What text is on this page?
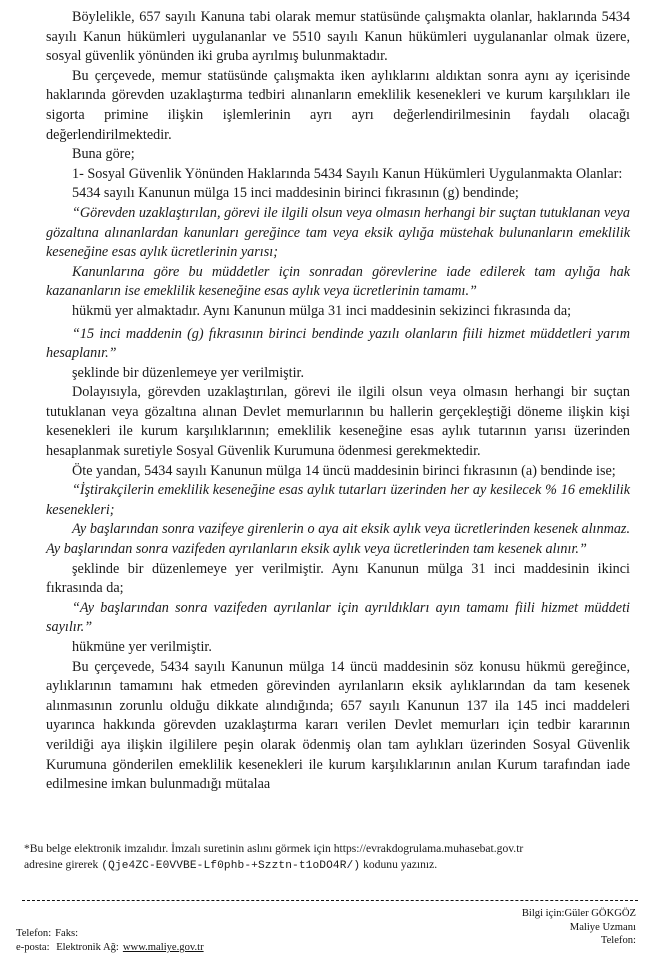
Böylelikle, 657 sayılı Kanuna tabi olarak memur statüsünde çalışmakta olanlar, haklarında 5434 sayılı Kanun hükümleri uygulananlar ve 5510 sayılı Kanun hükümleri uygulananlar olmak üzere, sosyal güvenlik yönünden iki gruba ayrılmış bulunmaktadır.

Bu çerçevede, memur statüsünde çalışmakta iken aylıklarını aldıktan sonra aynı ay içerisinde haklarında görevden uzaklaştırma tedbiri alınanların emeklilik kesenekleri ve kurum karşılıkları ile sigorta primine ilişkin işlemlerinin ayrı ayrı değerlendirilmesinin faydalı olacağı değerlendirilmektedir.

Buna göre;

1- Sosyal Güvenlik Yönünden Haklarında 5434 Sayılı Kanun Hükümleri Uygulanmakta Olanlar:

5434 sayılı Kanunun mülga 15 inci maddesinin birinci fıkrasının (g) bendinde;

“Görevden uzaklaştırılan, görevi ile ilgili olsun veya olmasın herhangi bir suçtan tutuklanan veya gözaltına alınanlardan kanunları gereğince tam veya eksik aylığa müstehak bulunanların emeklilik keseneğine esas aylık ücretlerinin yarısı;

Kanunlarına göre bu müddetler için sonradan görevlerine iade edilerek tam aylığa hak kazananların ise emeklilik keseneğine esas aylık veya ücretlerinin tamamı.”

hükmü yer almaktadır. Aynı Kanunun mülga 31 inci maddesinin sekizinci fıkrasında da;

“15 inci maddenin (g) fıkrasının birinci bendinde yazılı olanların fiili hizmet müddetleri yarım hesaplanır.”

şeklinde bir düzenlemeye yer verilmiştir.

Dolayısıyla, görevden uzaklaştırılan, görevi ile ilgili olsun veya olmasın herhangi bir suçtan tutuklanan veya gözaltına alınan Devlet memurlarının bu hallerin gerçekleştiği döneme ilişkin kişi kesenekleri ile kurum karşılıklarının; emeklilik keseneğine esas aylık tutarının yarısı üzerinden hesaplanmak suretiyle Sosyal Güvenlik Kurumuna ödenmesi gerekmektedir.

Öte yandan, 5434 sayılı Kanunun mülga 14 üncü maddesinin birinci fıkrasının (a) bendinde ise;

“İştirakçilerin emeklilik keseneğine esas aylık tutarları üzerinden her ay kesilecek % 16 emeklilik kesenekleri;

Ay başlarından sonra vazifeye girenlerin o aya ait eksik aylık veya ücretlerinden kesenek alınmaz. Ay başlarından sonra vazifeden ayrılanların eksik aylık veya ücretlerinden tam kesenek alınır.”

şeklinde bir düzenlemeye yer verilmiştir. Aynı Kanunun mülga 31 inci maddesinin ikinci fıkrasında da;

“Ay başlarından sonra vazifeden ayrılanlar için ayrıldıkları ayın tamamı fiili hizmet müddeti sayılır.”

hükmüne yer verilmiştir.

Bu çerçevede, 5434 sayılı Kanunun mülga 14 üncü maddesinin söz konusu hükmü gereğince, aylıklarının tamamını hak etmeden görevinden ayrılanların eksik aylıklarından da tam kesenek alınmasının zorunlu olduğu dikkate alındığında; 657 sayılı Kanunun 137 ila 145 inci maddeleri uyarınca hakkında görevden uzaklaştırma kararı verilen Devlet memurları için tedbir kararının verildiği aya ilişkin ilgililere peşin olarak ödenmiş olan tam aylıkları üzerinden Sosyal Güvenlik Kurumuna gönderilen emeklilik kesenekleri ile kurum karşılıklarının anılan Kurum tarafından iade edilmesine imkan bulunmadığı mütalaa

*Bu belge elektronik imzalıdır. İmzalı suretinin aslını görmek için https://evrakdogrulama.muhasebat.gov.tr
adresine girerek (Qje4ZC-E0VVBE-Lf0phb-+Szztn-t1oDO4R/) kodunu yazınız.
Bilgi için:Güler GÖKGÖZ
Maliye Uzmanı
Telefon:
Telefon: Faks:
e-posta: Elektronik Ağ: www.maliye.gov.tr
